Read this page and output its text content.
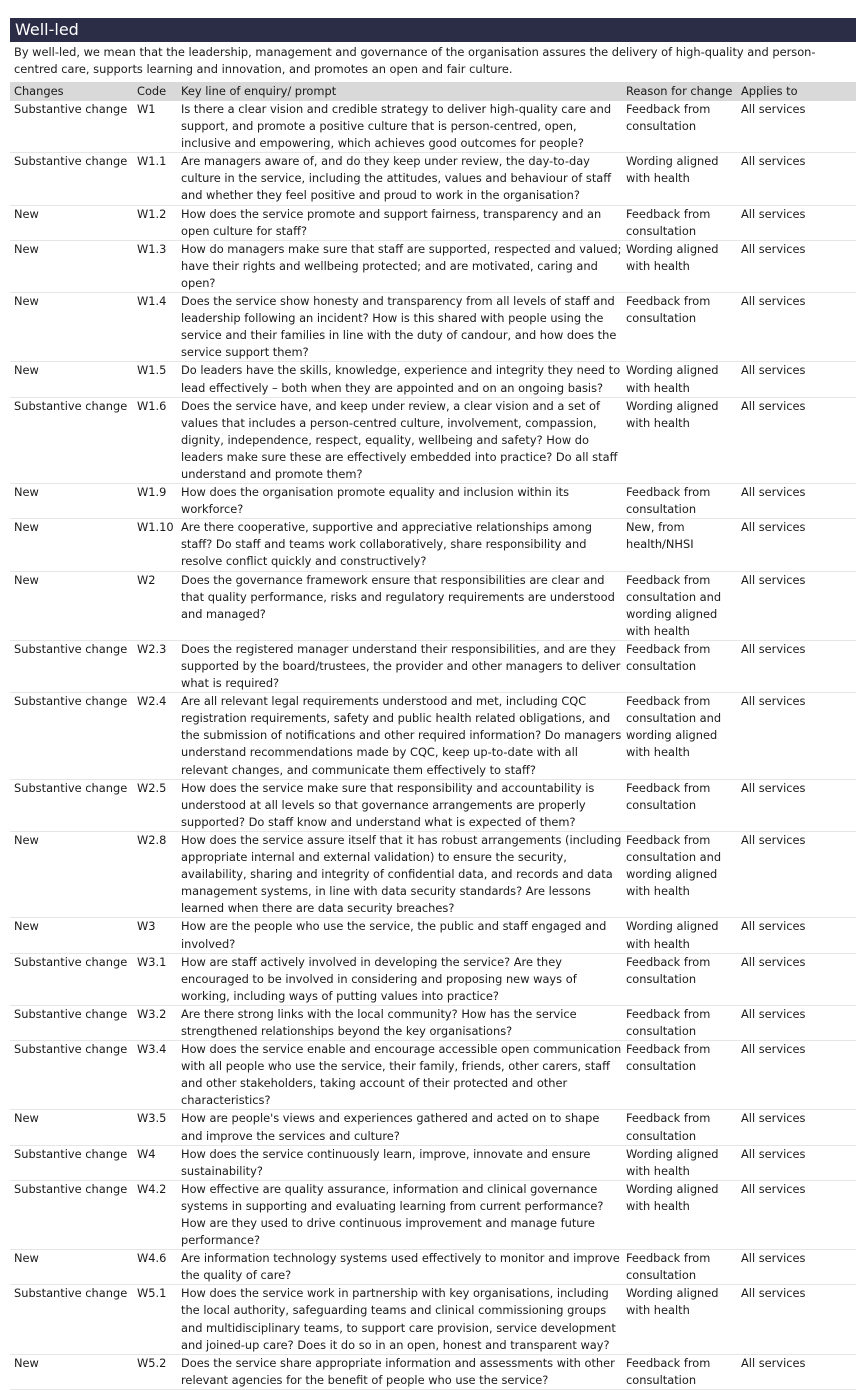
Well-led

By well-led, we mean that the leadership, management and governance of the organisation assures the delivery of high-quality and person-centred care, supports learning and innovation, and promotes an open and fair culture.

Changes	Code	Key line of enquiry/ prompt	Reason for change	Applies to
Substantive change	W1	Is there a clear vision and credible strategy to deliver high-quality care and support, and promote a positive culture that is person-centred, open, inclusive and empowering, which achieves good outcomes for people?	Feedback from consultation	All services
Substantive change	W1.1	Are managers aware of, and do they keep under review, the day-to-day culture in the service, including the attitudes, values and behaviour of staff and whether they feel positive and proud to work in the organisation?	Wording aligned with health	All services
New	W1.2	How does the service promote and support fairness, transparency and an open culture for staff?	Feedback from consultation	All services
New	W1.3	How do managers make sure that staff are supported, respected and valued; have their rights and wellbeing protected; and are motivated, caring and open?	Wording aligned with health	All services
New	W1.4	Does the service show honesty and transparency from all levels of staff and leadership following an incident? How is this shared with people using the service and their families in line with the duty of candour, and how does the service support them?	Feedback from consultation	All services
New	W1.5	Do leaders have the skills, knowledge, experience and integrity they need to lead effectively – both when they are appointed and on an ongoing basis?	Wording aligned with health	All services
Substantive change	W1.6	Does the service have, and keep under review, a clear vision and a set of values that includes a person-centred culture, involvement, compassion, dignity, independence, respect, equality, wellbeing and safety? How do leaders make sure these are effectively embedded into practice? Do all staff understand and promote them?	Wording aligned with health	All services
New	W1.9	How does the organisation promote equality and inclusion within its workforce?	Feedback from consultation	All services
New	W1.10	Are there cooperative, supportive and appreciative relationships among staff? Do staff and teams work collaboratively, share responsibility and resolve conflict quickly and constructively?	New, from health/NHSI	All services
New	W2	Does the governance framework ensure that responsibilities are clear and that quality performance, risks and regulatory requirements are understood and managed?	Feedback from consultation and wording aligned with health	All services
Substantive change	W2.3	Does the registered manager understand their responsibilities, and are they supported by the board/trustees, the provider and other managers to deliver what is required?	Feedback from consultation	All services
Substantive change	W2.4	Are all relevant legal requirements understood and met, including CQC registration requirements, safety and public health related obligations, and the submission of notifications and other required information? Do managers understand recommendations made by CQC, keep up-to-date with all relevant changes, and communicate them effectively to staff?	Feedback from consultation and wording aligned with health	All services
Substantive change	W2.5	How does the service make sure that responsibility and accountability is understood at all levels so that governance arrangements are properly supported? Do staff know and understand what is expected of them?	Feedback from consultation	All services
New	W2.8	How does the service assure itself that it has robust arrangements (including appropriate internal and external validation) to ensure the security, availability, sharing and integrity of confidential data, and records and data management systems, in line with data security standards? Are lessons learned when there are data security breaches?	Feedback from consultation and wording aligned with health	All services
New	W3	How are the people who use the service, the public and staff engaged and involved?	Wording aligned with health	All services
Substantive change	W3.1	How are staff actively involved in developing the service? Are they encouraged to be involved in considering and proposing new ways of working, including ways of putting values into practice?	Feedback from consultation	All services
Substantive change	W3.2	Are there strong links with the local community? How has the service strengthened relationships beyond the key organisations?	Feedback from consultation	All services
Substantive change	W3.4	How does the service enable and encourage accessible open communication with all people who use the service, their family, friends, other carers, staff and other stakeholders, taking account of their protected and other characteristics?	Feedback from consultation	All services
New	W3.5	How are people's views and experiences gathered and acted on to shape and improve the services and culture?	Feedback from consultation	All services
Substantive change	W4	How does the service continuously learn, improve, innovate and ensure sustainability?	Wording aligned with health	All services
Substantive change	W4.2	How effective are quality assurance, information and clinical governance systems in supporting and evaluating learning from current performance? How are they used to drive continuous improvement and manage future performance?	Wording aligned with health	All services
New	W4.6	Are information technology systems used effectively to monitor and improve the quality of care?	Feedback from consultation	All services
Substantive change	W5.1	How does the service work in partnership with key organisations, including the local authority, safeguarding teams and clinical commissioning groups and multidisciplinary teams, to support care provision, service development and joined-up care? Does it do so in an open, honest and transparent way?	Wording aligned with health	All services
New	W5.2	Does the service share appropriate information and assessments with other relevant agencies for the benefit of people who use the service?	Feedback from consultation	All services
